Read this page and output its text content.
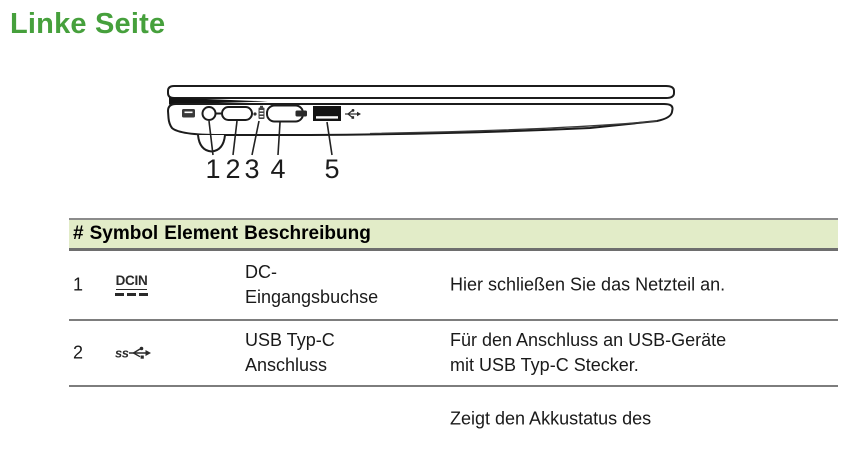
Linke Seite
1 2 3 4 5
# Symbol Element Beschreibung
1 DCIN	DC-
Eingangsbuchse
Hier schließen Sie das Netzteil an.
2 ss
USB Typ-C
Anschluss
Für den Anschluss an USB-Geräte
mit USB Typ-C Stecker.
Zeigt den Akkustatus des
